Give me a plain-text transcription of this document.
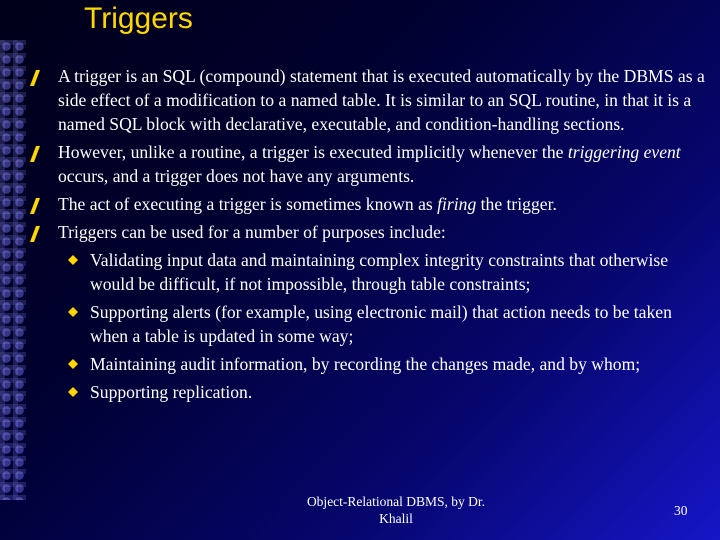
Triggers
A trigger is an SQL (compound) statement that is executed automatically by the DBMS as a side effect of a modification to a named table. It is similar to an SQL routine, in that it is a named SQL block with declarative, executable, and condition-handling sections.
However, unlike a routine, a trigger is executed implicitly whenever the triggering event occurs, and a trigger does not have any arguments.
The act of executing a trigger is sometimes known as firing the trigger.
Triggers can be used for a number of purposes include:
Validating input data and maintaining complex integrity constraints that otherwise would be difficult, if not impossible, through table constraints;
Supporting alerts (for example, using electronic mail) that action needs to be taken when a table is updated in some way;
Maintaining audit information, by recording the changes made, and by whom;
Supporting replication.
Object-Relational DBMS, by Dr. Khalil
30
